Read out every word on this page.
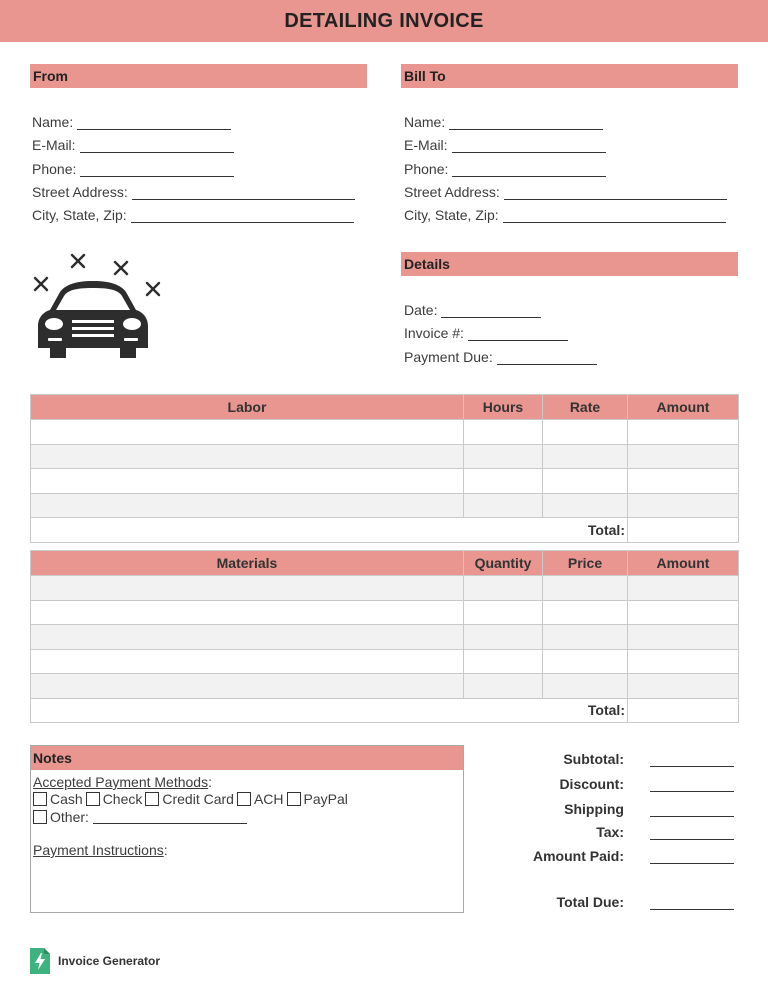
DETAILING INVOICE
From
Name:
E-Mail:
Phone:
Street Address:
City, State, Zip:
Bill To
Name:
E-Mail:
Phone:
Street Address:
City, State, Zip:
Details
Date:
Invoice #:
Payment Due:
Labor	Hours	Rate	Amount

Total:			
Materials	Quantity	Price	Amount

Total:			
Notes
Accepted Payment Methods:
Cash Check Credit Card ACH PayPal
Other:
Payment Instructions:
Subtotal:
Discount:
Shipping
Tax:
Amount Paid:
Total Due:
Invoice Generator
